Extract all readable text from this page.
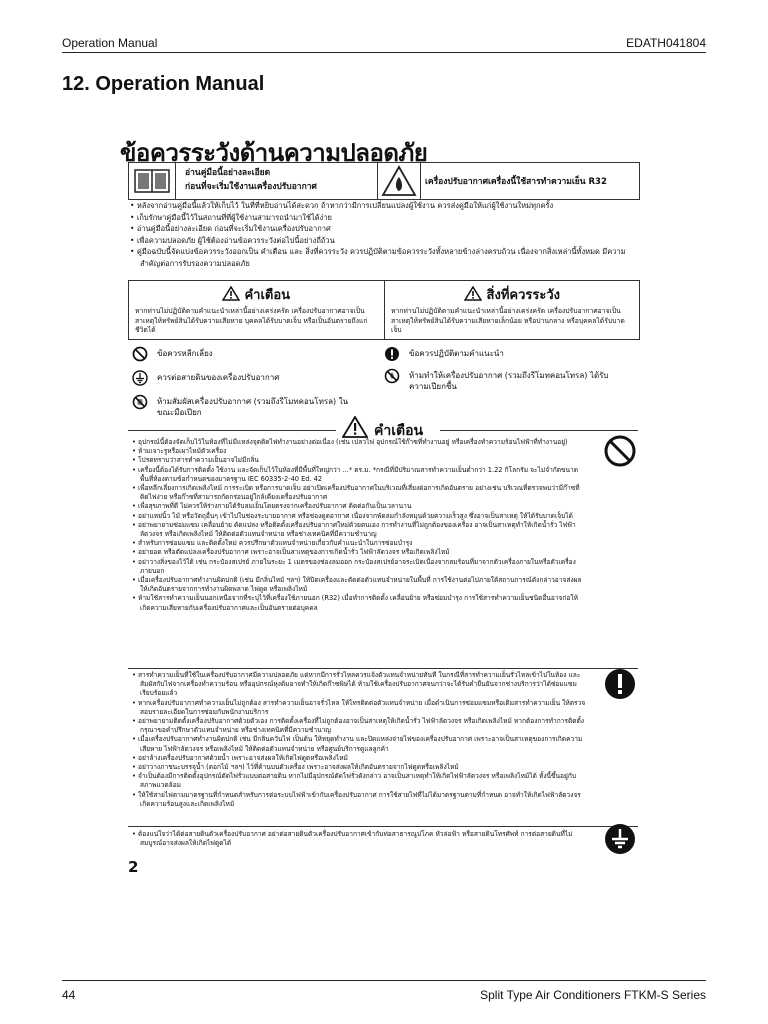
Operation Manual	EDATH041804
12. Operation Manual
ข้อควรระวังด้านความปลอดภัย
อ่านคู่มือนี้อย่างละเอียด
ก่อนที่จะเริ่มใช้งานเครื่องปรับอากาศ	เครื่องปรับอากาศเครื่องนี้ใช้สารทำความเย็น R32
• หลังจากอ่านคู่มือนี้แล้วให้เก็บไว้ ในที่ที่หยิบอ่านได้สะดวก ถ้าหากว่ามีการเปลี่ยนแปลงผู้ใช้งาน ควรส่งคู่มือให้แก่ผู้ใช้งานใหม่ทุกครั้ง
• เก็บรักษาคู่มือนี้ไว้ในสถานที่ที่ผู้ใช้งานสามารถนำมาใช้ได้ง่าย
• อ่านคู่มือนี้อย่างละเอียด ก่อนที่จะเริ่มใช้งานเครื่องปรับอากาศ
• เพื่อความปลอดภัย ผู้ใช้ต้องอ่านข้อควรระวังต่อไปนี้อย่างถี่ถ้วน
• คู่มือฉบับนี้จัดแบ่งข้อควรระวังออกเป็น คำเตือน และ สิ่งที่ควรระวัง ควรปฏิบัติตามข้อควรระวังทั้งหลายข้างล่างครบถ้วน เนื่องจากสิ่งเหล่านี้ทั้งหมด มีความสำคัญต่อการรับรองความปลอดภัย
คำเตือน
หากท่านไม่ปฏิบัติตามคำแนะนำเหล่านี้อย่างเคร่งครัด เครื่องปรับอากาศอาจเป็นสาเหตุให้ทรัพย์สินได้รับความเสียหาย บุคคลได้รับบาดเจ็บ หรือเป็นอันตรายถึงแก่ชีวิตได้
สิ่งที่ควรระวัง
หากท่านไม่ปฏิบัติตามคำแนะนำเหล่านี้อย่างเคร่งครัด เครื่องปรับอากาศอาจเป็นสาเหตุให้ทรัพย์สินได้รับความเสียหายเล็กน้อย หรือปานกลาง หรือบุคคลได้รับบาดเจ็บ
ข้อควรหลีกเลี่ยง	ข้อควรปฏิบัติตามคำแนะนำ
ควรต่อสายดินของเครื่องปรับอากาศ	ห้ามทำให้เครื่องปรับอากาศ (รวมถึงรีโมทคอนโทรล) ได้รับความเปียกชื้น
ห้ามสัมผัสเครื่องปรับอากาศ (รวมถึงรีโมทคอนโทรล) ในขณะมือเปียก
คำเตือน
• อุปกรณ์นี้ต้องจัดเก็บไว้ในห้องที่ไม่มีแหล่งจุดติดไฟทำงานอย่างต่อเนื่อง (เช่น เปลวไฟ อุปกรณ์ใช้ก๊าซที่ทำงานอยู่ หรือเครื่องทำความร้อนไฟฟ้าที่ทำงานอยู่)
• ห้ามเจาะรูหรือเผาไหม้ตัวเครื่อง
• โปรดทราบว่าสารทำความเย็นอาจไม่มีกลิ่น
• เครื่องนี้ต้องได้รับการติดตั้ง ใช้งาน และจัดเก็บไว้ในห้องที่มีพื้นที่ใหญ่กว่า ...* ตร.ม. *กรณีที่มีปริมาณสารทำความเย็นต่ำกว่า 1.22 กิโลกรัม จะไม่จำกัดขนาดพื้นที่ห้องตามข้อกำหนดของมาตรฐาน IEC 60335-2-40 Ed. 42
• เพื่อหลีกเลี่ยงการเกิดเพลิงไหม้ การระเบิด หรือการบาดเจ็บ อย่าเปิดเครื่องปรับอากาศในบริเวณที่เสี่ยงต่อการเกิดอันตราย อย่างเช่น บริเวณที่ตรวจพบว่ามีก๊าซที่ติดไฟง่าย หรือก๊าซที่สามารถกัดกร่อนอยู่ใกล้เคียงเครื่องปรับอากาศ
• เพื่อสุขภาพที่ดี ไม่ควรให้ร่างกายได้รับลมเย็นโดยตรงจากเครื่องปรับอากาศ ติดต่อกันเป็นเวลานาน
• อย่าแหย่นิ้ว ไม้ หรือวัตถุอื่นๆ เข้าไปในช่องระบายอากาศ หรือช่องดูดอากาศ เนื่องจากพัดลมกำลังหมุนด้วยความเร็วสูง ซึ่งอาจเป็นสาเหตุ ให้ได้รับบาดเจ็บได้
• อย่าพยายามซ่อมแซม เคลื่อนย้าย ดัดแปลง หรือติดตั้งเครื่องปรับอากาศใหม่ด้วยตนเอง การทำงานที่ไม่ถูกต้องของเครื่อง อาจเป็นสาเหตุทำให้เกิดน้ำรั่ว ไฟฟ้าลัดวงจร หรือเกิดเพลิงไหม้ ให้ติดต่อตัวแทนจำหน่าย หรือช่างเทคนิคที่มีความชำนาญ
• สำหรับการซ่อมแซม และติดตั้งใหม่ ควรปรึกษาตัวแทนจำหน่ายเกี่ยวกับคำแนะนำในการซ่อมบำรุง
• อย่ายอด หรือตัดแปลงเครื่องปรับอากาศ เพราะอาจเป็นสาเหตุของการเกิดน้ำรั่ว ไฟฟ้าลัดวงจร หรือเกิดเพลิงไหม้
• อย่าวางสิ่งของไว้ใต้ เช่น กระป๋องสเปรย์ ภายในระยะ 1 เมตรของช่องลมออก กระป๋องสเปรย์อาจระเบิดเนื่องจากลมร้อนที่มาจากตัวเครื่องภายในหรือตัวเครื่องภายนอก
• เมื่อเครื่องปรับอากาศทำงานผิดปกติ (เช่น มีกลิ่นไหม้ ฯลฯ) ให้ปิดเครื่องและตัดต่อตัวแทนจำหน่ายในพื้นที่ การใช้งานต่อไปภายใต้สถานการณ์ดังกล่าวอาจส่งผลให้เกิดอันตรายจากการทำงานผิดพลาด ไฟดูด หรือเพลิงไหม้
• ห้ามใช้สารทำความเย็นนอกเหนือจากที่ระบุไว้ที่เครื่องใช้ภายนอก (R32) เมื่อทำการติดตั้ง เคลื่อนย้าย หรือซ่อมบำรุง การใช้สารทำความเย็นชนิดอื่นอาจก่อให้เกิดความเสียหายกับเครื่องปรับอากาศและเป็นอันตรายต่อบุคคล
• สารทำความเย็นที่ใช้ในเครื่องปรับอากาศมีความปลอดภัย แต่หากมีการรั่วไหลควรแจ้งตัวแทนจำหน่ายทันที ในกรณีที่สารทำความเย็นรั่วไหลเข้าไปในห้อง และสัมผัสกับไฟจากเครื่องทำความร้อน หรืออุปกรณ์หุงต้มอาจทำให้เกิดก๊าซพิษได้ ห้ามใช้เครื่องปรับอากาศจนกว่าจะได้รับคำยืนยันจากช่างบริการว่าได้ซ่อมแซมเรียบร้อยแล้ว
• หากเครื่องปรับอากาศทำความเย็นไม่ถูกต้อง สารทำความเย็นอาจรั่วไหล ให้ไทรติดต่อตัวแทนจำหน่าย เมื่อดำเนินการซ่อมแซมหรือเติมสารทำความเย็น ให้ตรวจสอบรายละเอียดในการซ่อมกับพนักงานบริการ
• อย่าพยายามติดตั้งเครื่องปรับอากาศด้วยตัวเอง การติดตั้งเครื่องที่ไม่ถูกต้องอาจเป็นสาเหตุให้เกิดน้ำรั่ว ไฟฟ้าลัดวงจร หรือเกิดเพลิงไหม้ หากต้องการทำการติดตั้ง กรุณาขอคำปรึกษาตัวแทนจำหน่าย หรือช่างเทคนิคที่มีความชำนาญ
• เมื่อเครื่องปรับอากาศทำงานผิดปกติ เช่น มีกลิ่นควันไฟ เป็นต้น ให้หยุดทำงาน และปิดแหล่งจ่ายไฟของเครื่องปรับอากาศ เพราะอาจเป็นสาเหตุของการเกิดความเสียหาย ไฟฟ้าลัดวงจร หรือเพลิงไหม้ ให้ติดต่อตัวแทนจำหน่าย หรือศูนย์บริการดูแลลูกค้า
• อย่าล้างเครื่องปรับอากาศด้วยน้ำ เพราะอาจส่งผลให้เกิดไฟดูดหรือเพลิงไหม้
• อย่าวางภาชนะบรรจุน้ำ (ดอกไม้ ฯลฯ) ไว้ที่ด้านบนตัวเครื่อง เพราะอาจส่งผลให้เกิดอันตรายจากไฟดูดหรือเพลิงไหม้
• จำเป็นต้องมีการติดตั้งอุปกรณ์ตัดไฟรั่วแบบต่อสายดิน หากไม่มีอุปกรณ์ตัดไฟรั่วดังกล่าว อาจเป็นสาเหตุทำให้เกิดไฟฟ้าลัดวงจร หรือเพลิงไหม้ได้ ทั้งนี้ขึ้นอยู่กับสภาพแวดล้อม
• ให้ใช้สายไฟตามมาตรฐานที่กำหนดสำหรับการต่อระบบไฟฟ้าเข้ากับเครื่องปรับอากาศ การใช้สายไฟที่ไม่ได้มาตรฐานตามที่กำหนด อาจทำให้เกิดไฟฟ้าลัดวงจร เกิดความร้อนสูงและเกิดเพลิงไหม้
• ต้องแน่ใจว่าได้ต่อสายดินตัวเครื่องปรับอากาศ อย่าต่อสายดินตัวเครื่องปรับอากาศเข้ากับท่อสาธารณูปโภค หัวล่อฟ้า หรือสายดินโทรศัพท์ การต่อสายดินที่ไม่สมบูรณ์อาจส่งผลให้เกิดไฟดูดได้
2
44	Split Type Air Conditioners FTKM-S Series
